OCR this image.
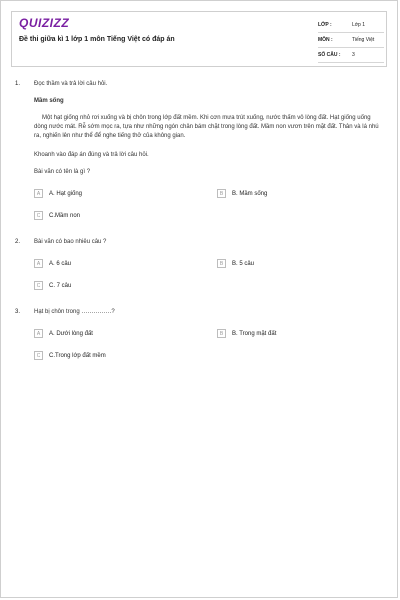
QUIZIZZ
Đề thi giữa kì 1 lớp 1 môn Tiếng Việt có đáp án
LỚP :	Lớp 1
MÔN :	Tiếng Việt
SỐ CÂU :	3
1. Đọc thầm và trả lời câu hỏi.
Mầm sống
Một hạt giống nhỏ rơi xuống và bị chôn trong lớp đất mềm. Khi cơn mưa trút xuống, nước thấm vô lòng đất. Hạt giống uống dòng nước mát. Rễ sớm mọc ra, tựa như những ngón chân bám chặt trong lòng đất. Mầm non vươn trên mặt đất. Thân và lá nhú ra, nghiến lên như thể để nghe tiếng thở của không gian.
Khoanh vào đáp án đúng và trả lời câu hỏi.
Bài văn có tên là gì ?
A	A. Hạt giống	B	B. Mầm sống
C	C.Mầm non
2. Bài văn có bao nhiêu câu ?
A	A. 6 câu	B	B. 5 câu
C	C. 7 câu
3. Hạt bị chôn trong ……………?
A	A. Dưới lòng đất	B	B. Trong mặt đất
C	C.Trong lớp đất mềm
